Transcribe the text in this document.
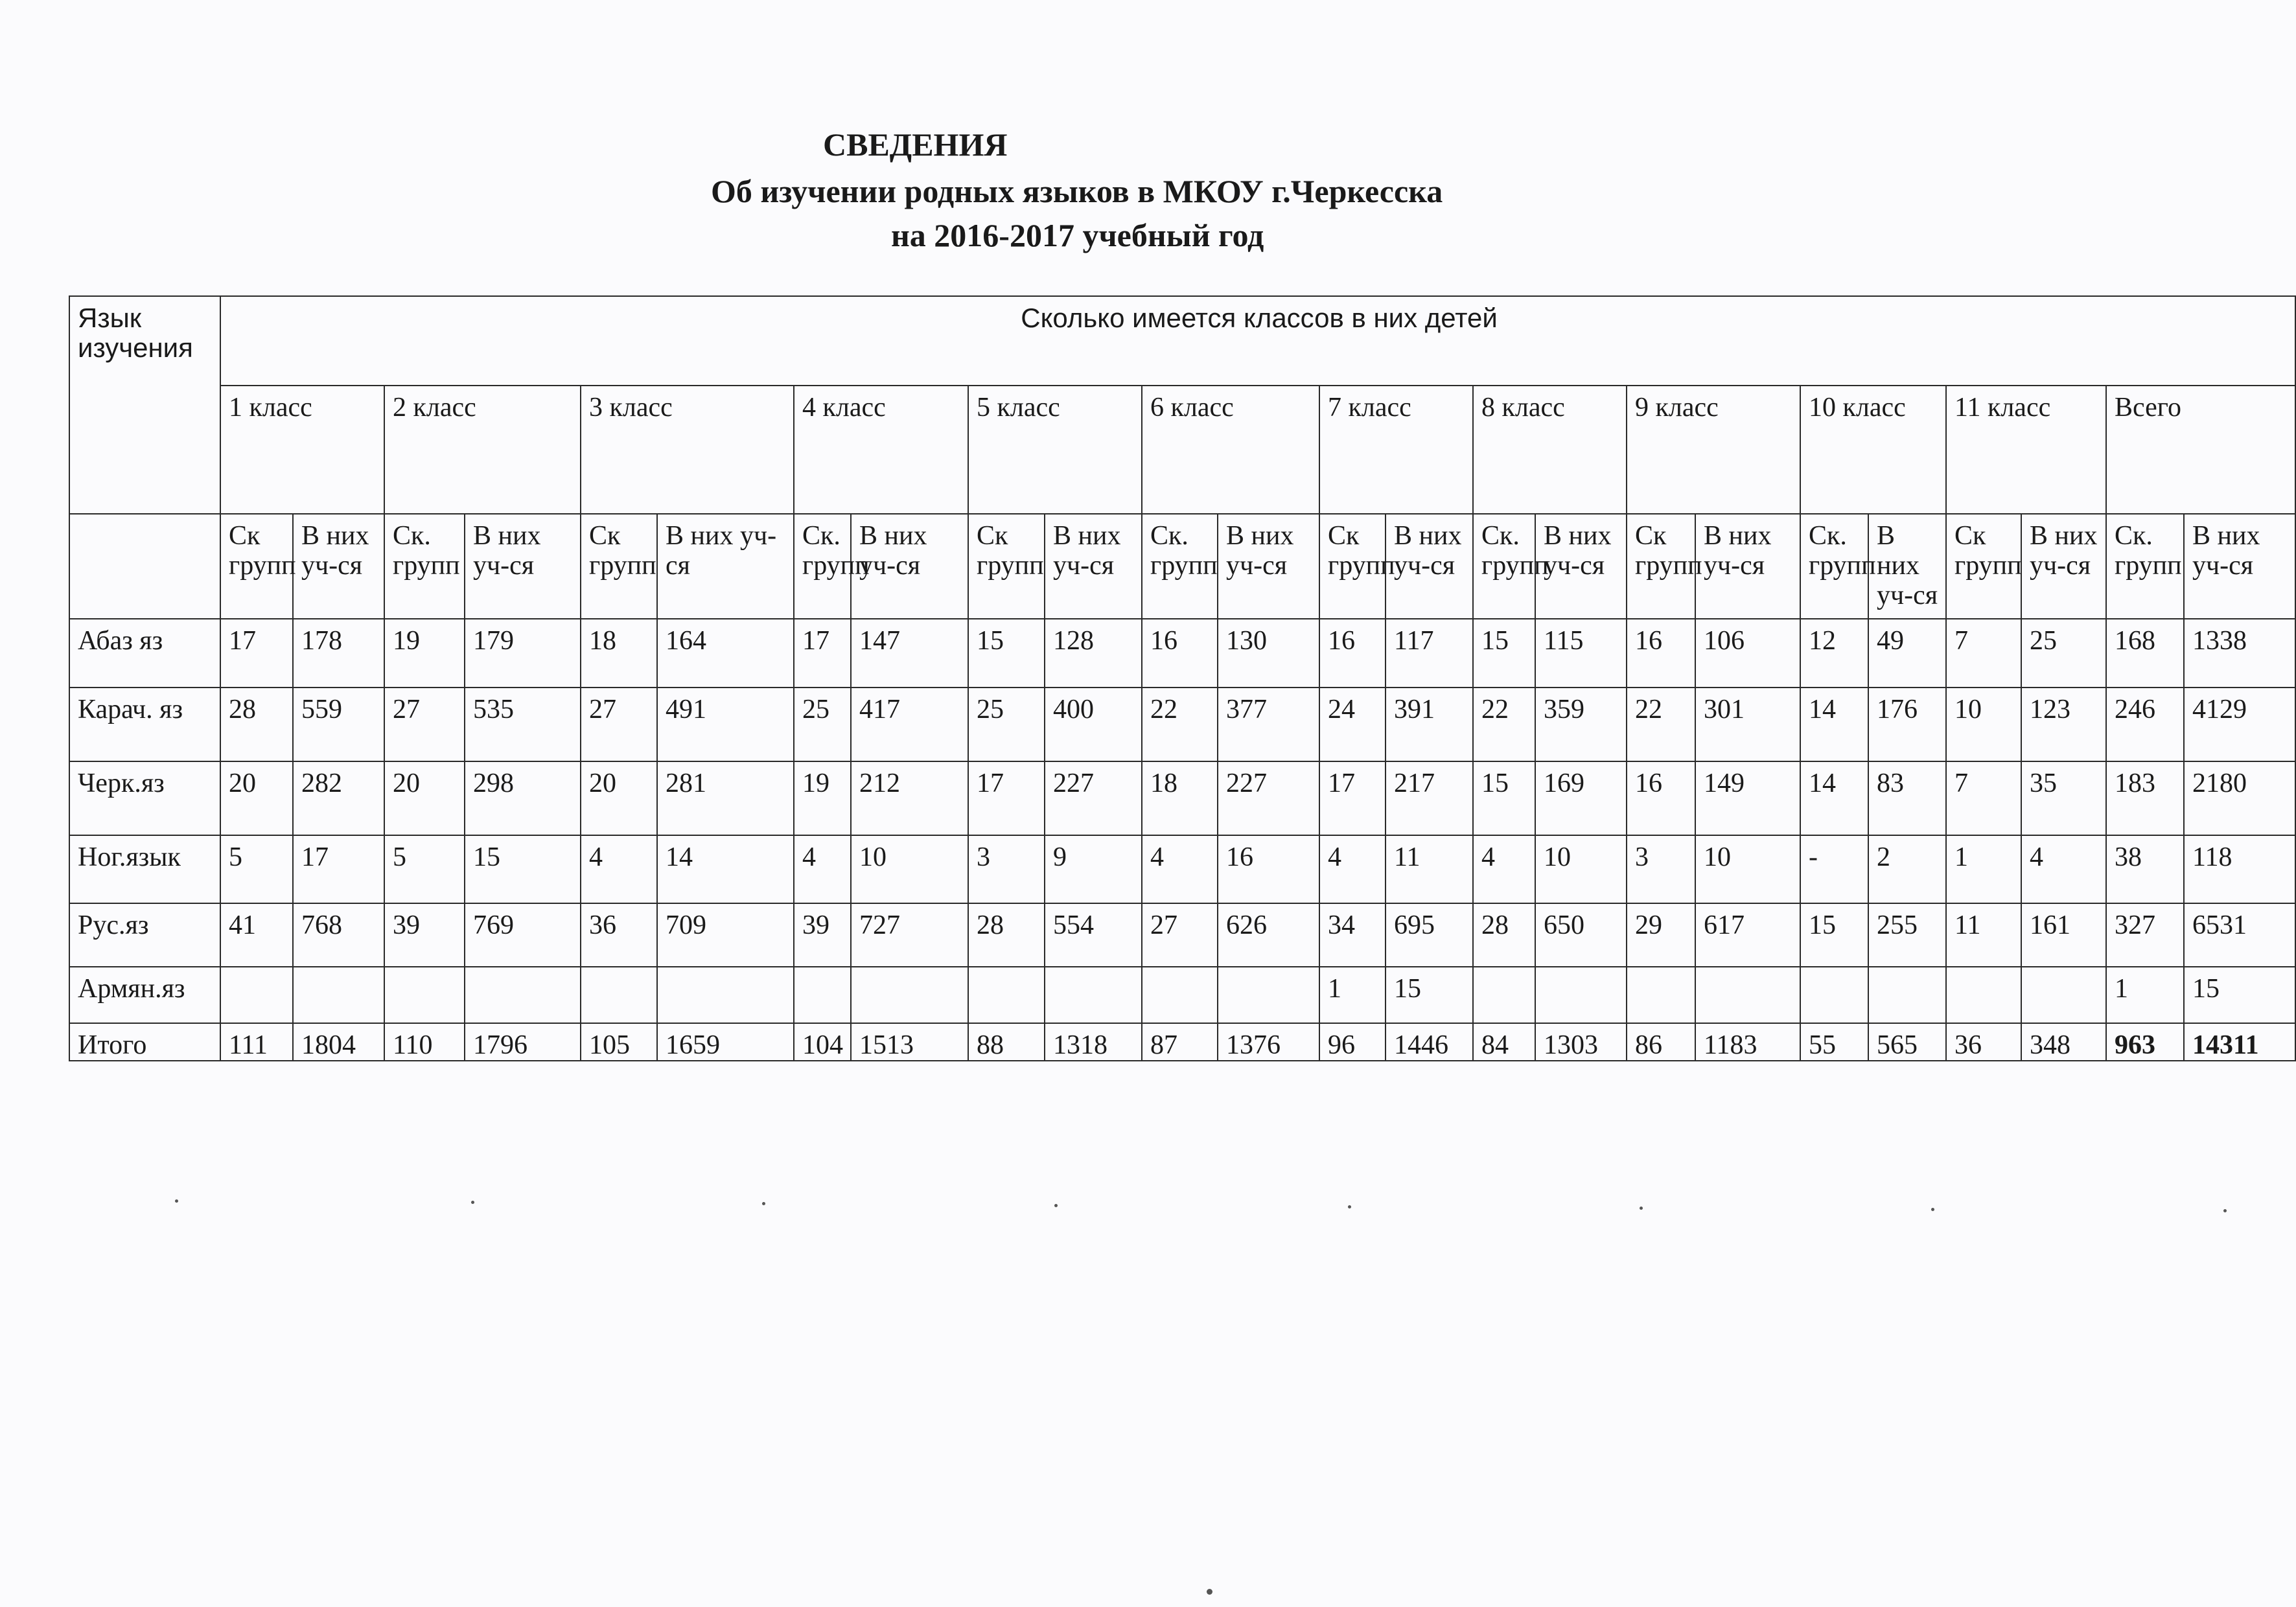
СВЕДЕНИЯ
Об изучении родных языков в МКОУ г.Черкесска
на 2016-2017 учебный год
Язык изучения	Сколько имеется классов в них детей																							
	1 класс		2 класс		3 класс		4 класс		5 класс		6 класс		7 класс		8 класс		9 класс		10 класс		11 класс		Всего	
	Ск групп	В них уч-ся	Ск. групп	В них уч-ся	Ск групп	В них уч-ся	Ск. групп	В них уч-ся	Ск групп	В них уч-ся	Ск. групп	В них уч-ся	Ск групп	В них уч-ся	Ск. групп	В них уч-ся	Ск групп	В них уч-ся	Ск. групп	В них уч-ся	Ск групп	В них уч-ся	Ск. групп	В них уч-ся
Абаз яз	17	178	19	179	18	164	17	147	15	128	16	130	16	117	15	115	16	106	12	49	7	25	168	1338
Карач. яз	28	559	27	535	27	491	25	417	25	400	22	377	24	391	22	359	22	301	14	176	10	123	246	4129
Черк.яз	20	282	20	298	20	281	19	212	17	227	18	227	17	217	15	169	16	149	14	83	7	35	183	2180
Ног.язык	5	17	5	15	4	14	4	10	3	9	4	16	4	11	4	10	3	10	-	2	1	4	38	118
Рус.яз	41	768	39	769	36	709	39	727	28	554	27	626	34	695	28	650	29	617	15	255	11	161	327	6531
Армян.яз													1	15									1	15
Итого	111	1804	110	1796	105	1659	104	1513	88	1318	87	1376	96	1446	84	1303	86	1183	55	565	36	348	963	14311
